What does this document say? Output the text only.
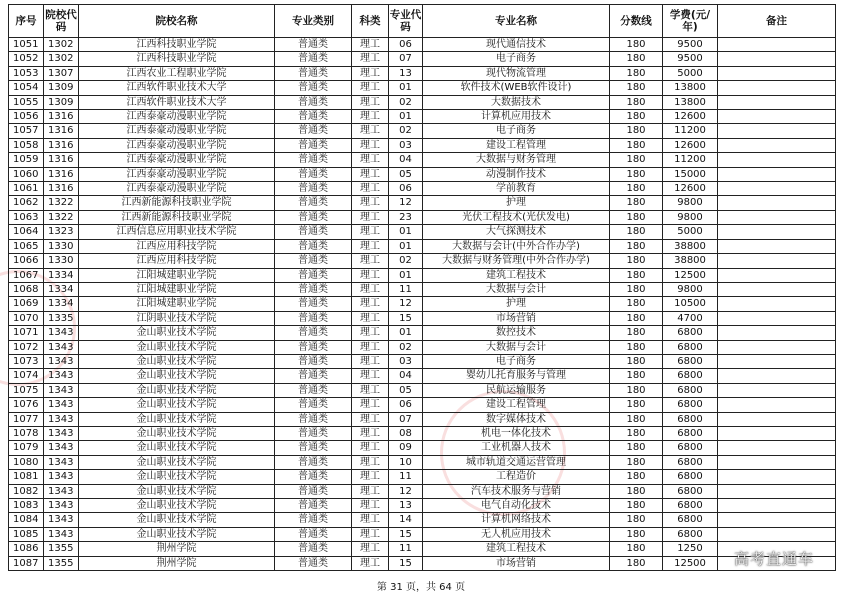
序号	院校代码	院校名称	专业类别	科类	专业代码	专业名称	分数线	学费(元/年)	备注
1051	1302	江西科技职业学院	普通类	理工	06	现代通信技术	180	9500	
1052	1302	江西科技职业学院	普通类	理工	07	电子商务	180	9500	
1053	1307	江西农业工程职业学院	普通类	理工	13	现代物流管理	180	5000	
1054	1309	江西软件职业技术大学	普通类	理工	01	软件技术(WEB软件设计)	180	13800	
1055	1309	江西软件职业技术大学	普通类	理工	02	大数据技术	180	13800	
1056	1316	江西泰豪动漫职业学院	普通类	理工	01	计算机应用技术	180	12600	
1057	1316	江西泰豪动漫职业学院	普通类	理工	02	电子商务	180	11200	
1058	1316	江西泰豪动漫职业学院	普通类	理工	03	建设工程管理	180	12600	
1059	1316	江西泰豪动漫职业学院	普通类	理工	04	大数据与财务管理	180	11200	
1060	1316	江西泰豪动漫职业学院	普通类	理工	05	动漫制作技术	180	15000	
1061	1316	江西泰豪动漫职业学院	普通类	理工	06	学前教育	180	12600	
1062	1322	江西新能源科技职业学院	普通类	理工	12	护理	180	9800	
1063	1322	江西新能源科技职业学院	普通类	理工	23	光伏工程技术(光伏发电)	180	9800	
1064	1323	江西信息应用职业技术学院	普通类	理工	01	大气探测技术	180	5000	
1065	1330	江西应用科技学院	普通类	理工	01	大数据与会计(中外合作办学)	180	38800	
1066	1330	江西应用科技学院	普通类	理工	02	大数据与财务管理(中外合作办学)	180	38800	
1067	1334	江阳城建职业学院	普通类	理工	01	建筑工程技术	180	12500	
1068	1334	江阳城建职业学院	普通类	理工	11	大数据与会计	180	9800	
1069	1334	江阳城建职业学院	普通类	理工	12	护理	180	10500	
1070	1335	江阴职业技术学院	普通类	理工	15	市场营销	180	4700	
1071	1343	金山职业技术学院	普通类	理工	01	数控技术	180	6800	
1072	1343	金山职业技术学院	普通类	理工	02	大数据与会计	180	6800	
1073	1343	金山职业技术学院	普通类	理工	03	电子商务	180	6800	
1074	1343	金山职业技术学院	普通类	理工	04	婴幼儿托育服务与管理	180	6800	
1075	1343	金山职业技术学院	普通类	理工	05	民航运输服务	180	6800	
1076	1343	金山职业技术学院	普通类	理工	06	建设工程管理	180	6800	
1077	1343	金山职业技术学院	普通类	理工	07	数字媒体技术	180	6800	
1078	1343	金山职业技术学院	普通类	理工	08	机电一体化技术	180	6800	
1079	1343	金山职业技术学院	普通类	理工	09	工业机器人技术	180	6800	
1080	1343	金山职业技术学院	普通类	理工	10	城市轨道交通运营管理	180	6800	
1081	1343	金山职业技术学院	普通类	理工	11	工程造价	180	6800	
1082	1343	金山职业技术学院	普通类	理工	12	汽车技术服务与营销	180	6800	
1083	1343	金山职业技术学院	普通类	理工	13	电气自动化技术	180	6800	
1084	1343	金山职业技术学院	普通类	理工	14	计算机网络技术	180	6800	
1085	1343	金山职业技术学院	普通类	理工	15	无人机应用技术	180	6800	
1086	1355	荆州学院	普通类	理工	11	建筑工程技术	180	1250	
1087	1355	荆州学院	普通类	理工	15	市场营销	180	12500	
第 31 页，共 64 页
高考直通车
